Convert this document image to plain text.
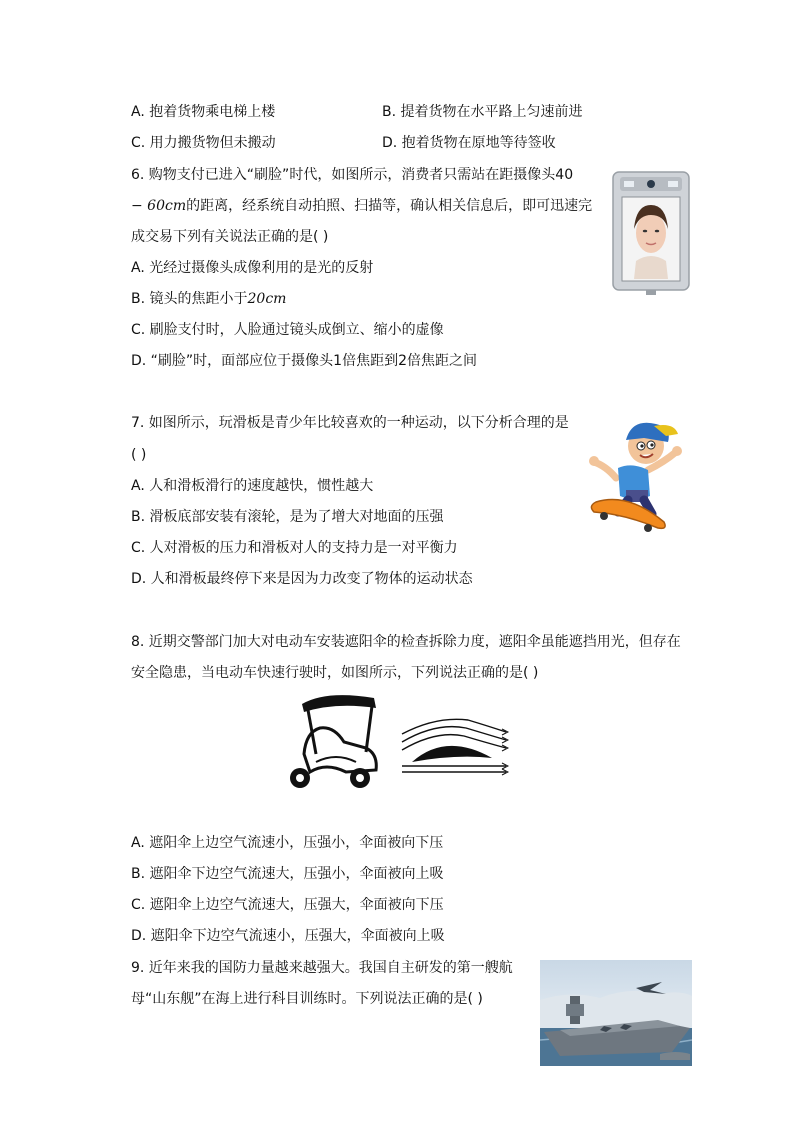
A. 抱着货物乘电梯上楼	B. 提着货物在水平路上匀速前进
C. 用力搬货物但未搬动	D. 抱着货物在原地等待签收
6. 购物支付已进入“刷脸”时代，如图所示，消费者只需站在距摄像头40
− 60cm的距离，经系统自动拍照、扫描等，确认相关信息后，即可迅速完
成交易下列有关说法正确的是( )
A. 光经过摄像头成像利用的是光的反射
B. 镜头的焦距小于20cm
C. 刷脸支付时，人脸通过镜头成倒立、缩小的虚像
D. “刷脸”时，面部应位于摄像头1倍焦距到2倍焦距之间
7. 如图所示，玩滑板是青少年比较喜欢的一种运动，以下分析合理的是
( )
A. 人和滑板滑行的速度越快，惯性越大
B. 滑板底部安装有滚轮，是为了增大对地面的压强
C. 人对滑板的压力和滑板对人的支持力是一对平衡力
D. 人和滑板最终停下来是因为力改变了物体的运动状态
8. 近期交警部门加大对电动车安装遮阳伞的检查拆除力度，遮阳伞虽能遮挡用光，但存在
安全隐患，当电动车快速行驶时，如图所示，下列说法正确的是( )
A. 遮阳伞上边空气流速小，压强小，伞面被向下压
B. 遮阳伞下边空气流速大，压强小，伞面被向上吸
C. 遮阳伞上边空气流速大，压强大，伞面被向下压
D. 遮阳伞下边空气流速小，压强大，伞面被向上吸
9. 近年来我的国防力量越来越强大。我国自主研发的第一艘航
母“山东舰”在海上进行科目训练时。下列说法正确的是( )
